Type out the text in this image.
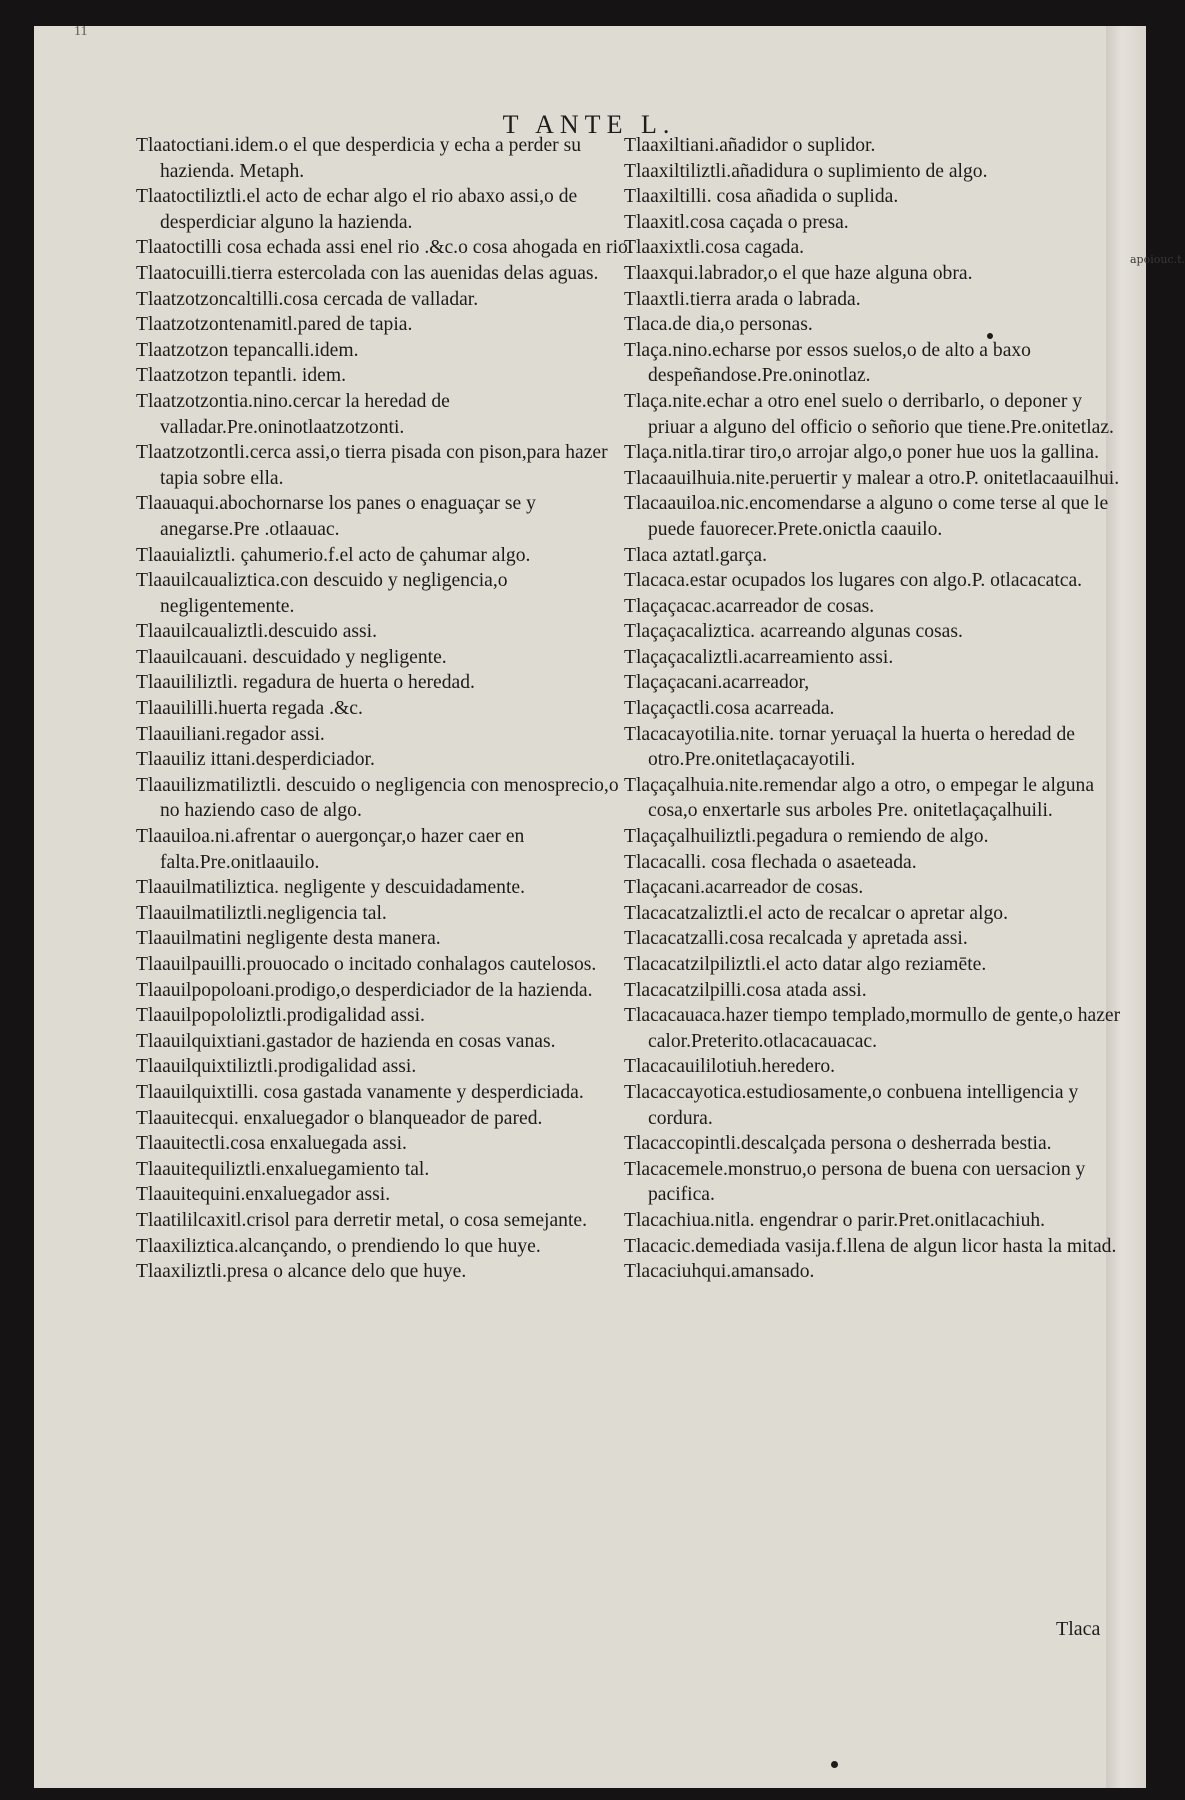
11
T ANTE L.
Tlaca
apoiouc.t.
Tlaatoctiani.idem.o el que desperdicia y echa a perder su hazienda. Metaph.
Tlaatoctiliztli.el acto de echar algo el rio abaxo assi,o de desperdiciar alguno la hazienda.
Tlaatoctilli cosa echada assi enel rio .&c.o cosa ahogada en rio.
Tlaatocuilli.tierra estercolada con las auenidas delas aguas.
Tlaatzotzoncaltilli.cosa cercada de valladar.
Tlaatzotzontenamitl.pared de tapia.
Tlaatzotzon tepancalli.idem.
Tlaatzotzon tepantli. idem.
Tlaatzotzontia.nino.cercar la heredad de valladar.Pre.oninotlaatzotzonti.
Tlaatzotzontli.cerca assi,o tierra pisada con pison,para hazer tapia sobre ella.
Tlaauaqui.abochornarse los panes o enaguaçar se y anegarse.Pre .otlaauac.
Tlaauializtli. çahumerio.f.el acto de çahumar algo.
Tlaauilcaualiztica.con descuido y negligencia,o negligentemente.
Tlaauilcaualiztli.descuido assi.
Tlaauilcauani. descuidado y negligente.
Tlaauililiztli. regadura de huerta o heredad.
Tlaauililli.huerta regada .&c.
Tlaauiliani.regador assi.
Tlaauiliz ittani.desperdiciador.
Tlaauilizmatiliztli. descuido o negligencia con menosprecio,o no haziendo caso de algo.
Tlaauiloa.ni.afrentar o auergonçar,o hazer caer en falta.Pre.onitlaauilo.
Tlaauilmatiliztica. negligente y descuidadamente.
Tlaauilmatiliztli.negligencia tal.
Tlaauilmatini negligente desta manera.
Tlaauilpauilli.prouocado o incitado conhalagos cautelosos.
Tlaauilpopoloani.prodigo,o desperdiciador de la hazienda.
Tlaauilpopololiztli.prodigalidad assi.
Tlaauilquixtiani.gastador de hazienda en cosas vanas.
Tlaauilquixtiliztli.prodigalidad assi.
Tlaauilquixtilli. cosa gastada vanamente y desperdiciada.
Tlaauitecqui. enxaluegador o blanqueador de pared.
Tlaauitectli.cosa enxaluegada assi.
Tlaauitequiliztli.enxaluegamiento tal.
Tlaauitequini.enxaluegador assi.
Tlaatililcaxitl.crisol para derretir metal, o cosa semejante.
Tlaaxiliztica.alcançando, o prendiendo lo que huye.
Tlaaxiliztli.presa o alcance delo que huye.
Tlaaxiltiani.añadidor o suplidor.
Tlaaxiltiliztli.añadidura o suplimiento de algo.
Tlaaxiltilli. cosa añadida o suplida.
Tlaaxitl.cosa caçada o presa.
Tlaaxixtli.cosa cagada.
Tlaaxqui.labrador,o el que haze alguna obra.
Tlaaxtli.tierra arada o labrada.
Tlaca.de dia,o personas.
Tlaça.nino.echarse por essos suelos,o de alto a baxo despeñandose.Pre.oninotlaz.
Tlaça.nite.echar a otro enel suelo o derribarlo, o deponer y priuar a alguno del officio o señorio que tiene.Pre.onitetlaz.
Tlaça.nitla.tirar tiro,o arrojar algo,o poner hue uos la gallina.
Tlacaauilhuia.nite.peruertir y malear a otro.P. onitetlacaauilhui.
Tlacaauiloa.nic.encomendarse a alguno o come terse al que le puede fauorecer.Prete.onictla caauilo.
Tlaca aztatl.garça.
Tlacaca.estar ocupados los lugares con algo.P. otlacacatca.
Tlaçaçacac.acarreador de cosas.
Tlaçaçacaliztica. acarreando algunas cosas.
Tlaçaçacaliztli.acarreamiento assi.
Tlaçaçacani.acarreador,
Tlaçaçactli.cosa acarreada.
Tlacacayotilia.nite. tornar yeruaçal la huerta o heredad de otro.Pre.onitetlaçacayotili.
Tlaçaçalhuia.nite.remendar algo a otro, o empegar le alguna cosa,o enxertarle sus arboles Pre. onitetlaçaçalhuili.
Tlaçaçalhuiliztli.pegadura o remiendo de algo.
Tlacacalli. cosa flechada o asaeteada.
Tlaçacani.acarreador de cosas.
Tlacacatzaliztli.el acto de recalcar o apretar algo.
Tlacacatzalli.cosa recalcada y apretada assi.
Tlacacatzilpiliztli.el acto datar algo reziamēte.
Tlacacatzilpilli.cosa atada assi.
Tlacacauaca.hazer tiempo templado,mormullo de gente,o hazer calor.Preterito.otlacacauacac.
Tlacacauililotiuh.heredero.
Tlacaccayotica.estudiosamente,o conbuena intelligencia y cordura.
Tlacaccopintli.descalçada persona o desherrada bestia.
Tlacacemele.monstruo,o persona de buena con uersacion y pacifica.
Tlacachiua.nitla. engendrar o parir.Pret.onitlacachiuh.
Tlacacic.demediada vasija.f.llena de algun licor hasta la mitad.
Tlacaciuhqui.amansado.
